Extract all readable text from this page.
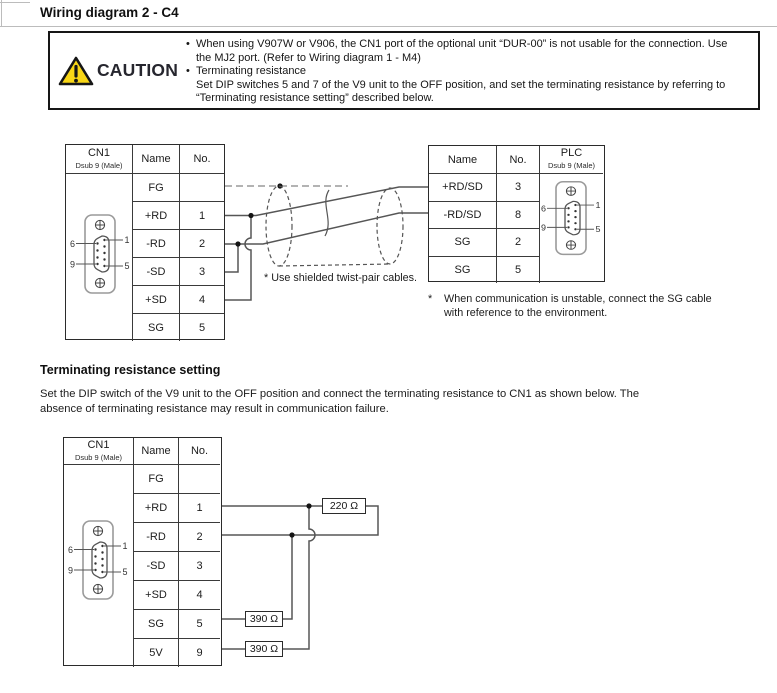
Wiring diagram 2 - C4
CAUTION
• When using V907W or V906, the CN1 port of the optional unit “DUR-00” is not usable for the connection. Use
the MJ2 port. (Refer to Wiring diagram 1 - M4)
• Terminating resistance
Set DIP switches 5 and 7 of the V9 unit to the OFF position, and set the terminating resistance by referring to
“Terminating resistance setting” described below.
CN1
Dsub 9 (Male)	Name	No.
FG
+RD	1
-RD	2
-SD	3
+SD	4
SG	5
Name	No.
PLC
Dsub 9 (Male)
+RD/SD	3
-RD/SD	8
SG	2
SG	5
* Use shielded twist-pair cables.
*	When communication is unstable, connect the SG cable
with reference to the environment.
Terminating resistance setting
Set the DIP switch of the V9 unit to the OFF position and connect the terminating resistance to CN1 as shown below. The
absence of terminating resistance may result in communication failure.
CN1
Dsub 9 (Male)	Name	No.
FG
+RD	1
-RD	2
-SD	3
+SD	4
SG	5
5V	9
220 Ω
390 Ω
390 Ω
